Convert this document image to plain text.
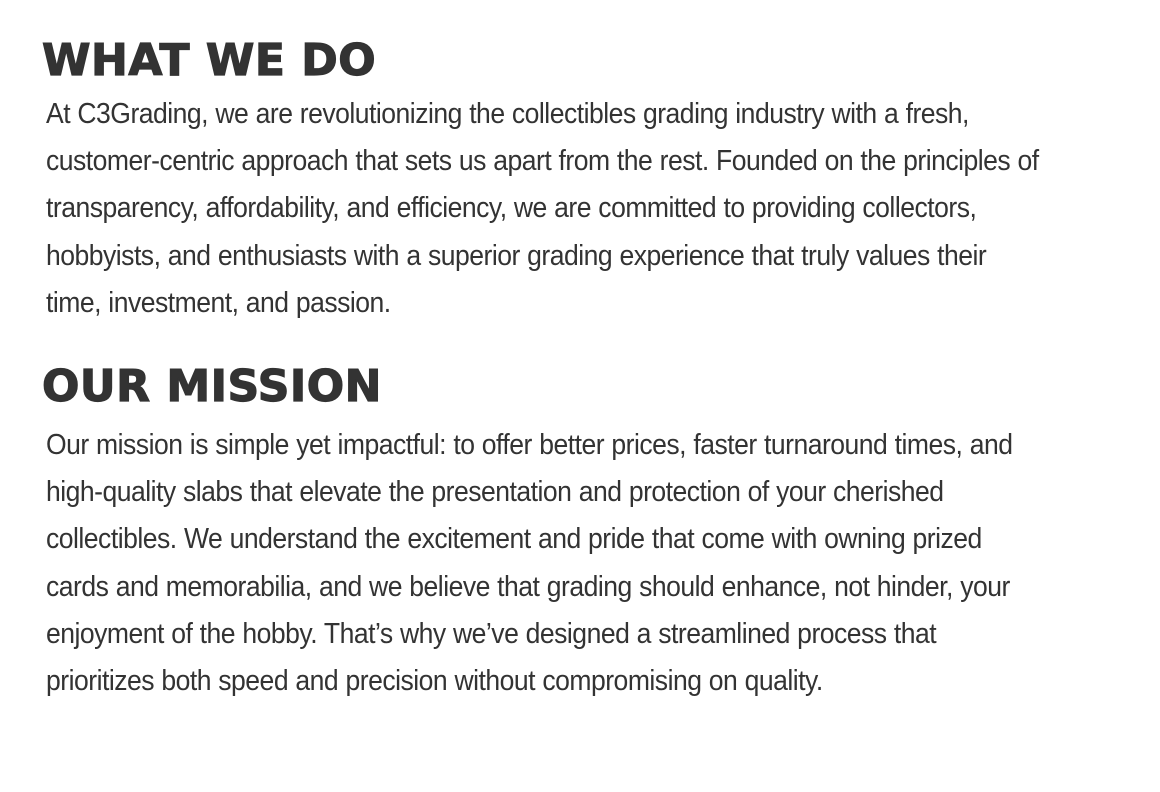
WHAT WE DO

At C3Grading, we are revolutionizing the collectibles grading industry with a fresh, customer-centric approach that sets us apart from the rest. Founded on the principles of transparency, affordability, and efficiency, we are committed to providing collectors, hobbyists, and enthusiasts with a superior grading experience that truly values their time, investment, and passion.

OUR MISSION

Our mission is simple yet impactful: to offer better prices, faster turnaround times, and high-quality slabs that elevate the presentation and protection of your cherished collectibles. We understand the excitement and pride that come with owning prized cards and memorabilia, and we believe that grading should enhance, not hinder, your enjoyment of the hobby. That’s why we’ve designed a streamlined process that prioritizes both speed and precision without compromising on quality.
